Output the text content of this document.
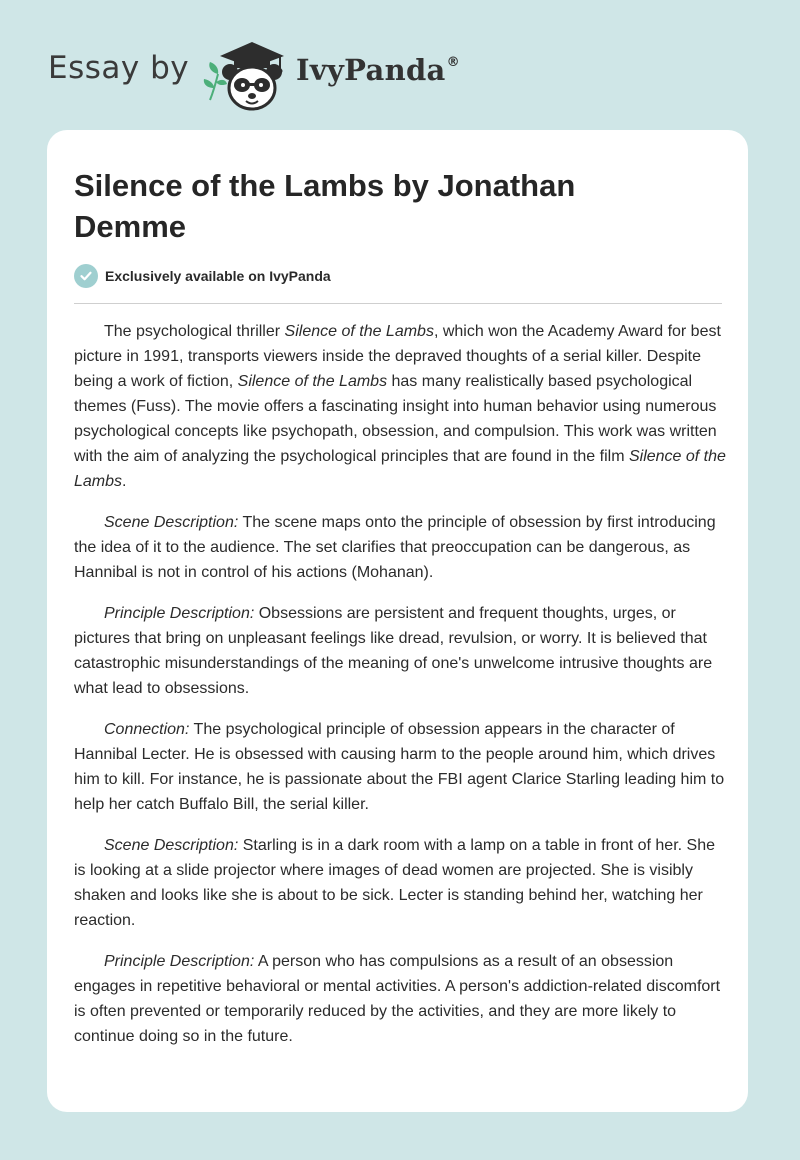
Essay by	IvyPanda®
Silence of the Lambs by Jonathan Demme
Exclusively available on IvyPanda

The psychological thriller Silence of the Lambs, which won the Academy Award for best picture in 1991, transports viewers inside the depraved thoughts of a serial killer. Despite being a work of fiction, Silence of the Lambs has many realistically based psychological themes (Fuss). The movie offers a fascinating insight into human behavior using numerous psychological concepts like psychopath, obsession, and compulsion. This work was written with the aim of analyzing the psychological principles that are found in the film Silence of the Lambs.

Scene Description: The scene maps onto the principle of obsession by first introducing the idea of it to the audience. The set clarifies that preoccupation can be dangerous, as Hannibal is not in control of his actions (Mohanan).

Principle Description: Obsessions are persistent and frequent thoughts, urges, or pictures that bring on unpleasant feelings like dread, revulsion, or worry. It is believed that catastrophic misunderstandings of the meaning of one's unwelcome intrusive thoughts are what lead to obsessions.

Connection: The psychological principle of obsession appears in the character of Hannibal Lecter. He is obsessed with causing harm to the people around him, which drives him to kill. For instance, he is passionate about the FBI agent Clarice Starling leading him to help her catch Buffalo Bill, the serial killer.

Scene Description: Starling is in a dark room with a lamp on a table in front of her. She is looking at a slide projector where images of dead women are projected. She is visibly shaken and looks like she is about to be sick. Lecter is standing behind her, watching her reaction.

Principle Description: A person who has compulsions as a result of an obsession engages in repetitive behavioral or mental activities. A person's addiction-related discomfort is often prevented or temporarily reduced by the activities, and they are more likely to continue doing so in the future.
